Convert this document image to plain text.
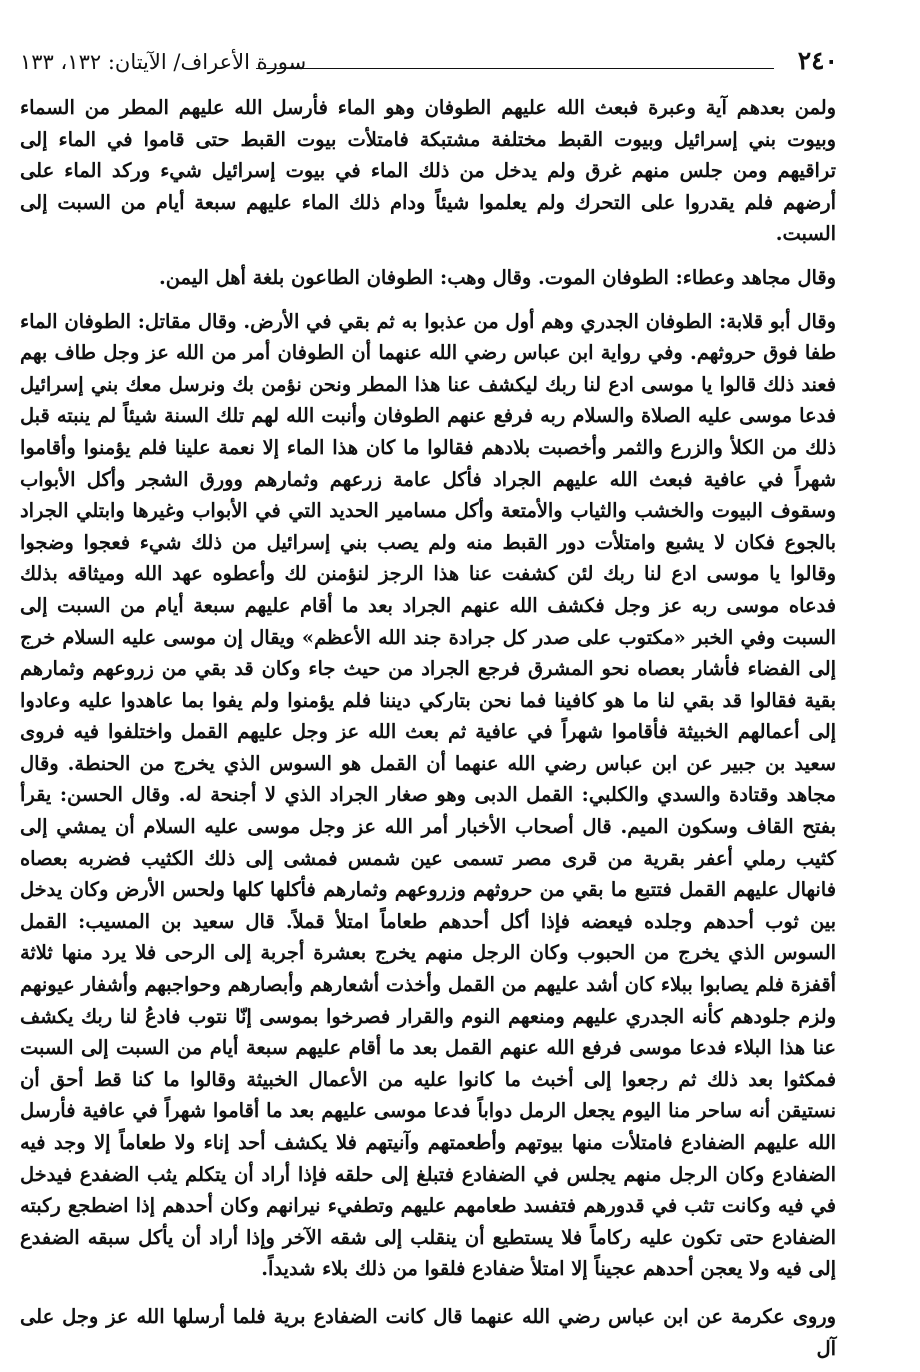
٢٤٠
سورة الأعراف/ الآيتان: ١٣٢، ١٣٣

ولمن بعدهم آية وعبرة فبعث الله عليهم الطوفان وهو الماء فأرسل الله عليهم المطر من السماء وبيوت بني إسرائيل وبيوت القبط مختلفة مشتبكة فامتلأت بيوت القبط حتى قاموا في الماء إلى تراقيهم ومن جلس منهم غرق ولم يدخل من ذلك الماء في بيوت إسرائيل شيء وركد الماء على أرضهم فلم يقدروا على التحرك ولم يعلموا شيئاً ودام ذلك الماء عليهم سبعة أيام من السبت إلى السبت.

وقال مجاهد وعطاء: الطوفان الموت. وقال وهب: الطوفان الطاعون بلغة أهل اليمن.

وقال أبو قلابة: الطوفان الجدري وهم أول من عذبوا به ثم بقي في الأرض. وقال مقاتل: الطوفان الماء طفا فوق حروثهم. وفي رواية ابن عباس رضي الله عنهما أن الطوفان أمر من الله عز وجل طاف بهم فعند ذلك قالوا يا موسى ادع لنا ربك ليكشف عنا هذا المطر ونحن نؤمن بك ونرسل معك بني إسرائيل فدعا موسى عليه الصلاة والسلام ربه فرفع عنهم الطوفان وأنبت الله لهم تلك السنة شيئاً لم ينبته قبل ذلك من الكلأ والزرع والثمر وأخصبت بلادهم فقالوا ما كان هذا الماء إلا نعمة علينا فلم يؤمنوا وأقاموا شهراً في عافية فبعث الله عليهم الجراد فأكل عامة زرعهم وثمارهم وورق الشجر وأكل الأبواب وسقوف البيوت والخشب والثياب والأمتعة وأكل مسامير الحديد التي في الأبواب وغيرها وابتلي الجراد بالجوع فكان لا يشبع وامتلأت دور القبط منه ولم يصب بني إسرائيل من ذلك شيء فعجوا وضجوا وقالوا يا موسى ادع لنا ربك لئن كشفت عنا هذا الرجز لنؤمنن لك وأعطوه عهد الله وميثاقه بذلك فدعاه موسى ربه عز وجل فكشف الله عنهم الجراد بعد ما أقام عليهم سبعة أيام من السبت إلى السبت وفي الخبر «مكتوب على صدر كل جرادة جند الله الأعظم» ويقال إن موسى عليه السلام خرج إلى الفضاء فأشار بعصاه نحو المشرق فرجع الجراد من حيث جاء وكان قد بقي من زروعهم وثمارهم بقية فقالوا قد بقي لنا ما هو كافينا فما نحن بتاركي ديننا فلم يؤمنوا ولم يفوا بما عاهدوا عليه وعادوا إلى أعمالهم الخبيثة فأقاموا شهراً في عافية ثم بعث الله عز وجل عليهم القمل واختلفوا فيه فروى سعيد بن جبير عن ابن عباس رضي الله عنهما أن القمل هو السوس الذي يخرج من الحنطة. وقال مجاهد وقتادة والسدي والكلبي: القمل الدبى وهو صغار الجراد الذي لا أجنحة له. وقال الحسن: يقرأ بفتح القاف وسكون الميم. قال أصحاب الأخبار أمر الله عز وجل موسى عليه السلام أن يمشي إلى كثيب رملي أعفر بقرية من قرى مصر تسمى عين شمس فمشى إلى ذلك الكثيب فضربه بعصاه فانهال عليهم القمل فتتبع ما بقي من حروثهم وزروعهم وثمارهم فأكلها كلها ولحس الأرض وكان يدخل بين ثوب أحدهم وجلده فيعضه فإذا أكل أحدهم طعاماً امتلأ قملاً. قال سعيد بن المسيب: القمل السوس الذي يخرج من الحبوب وكان الرجل منهم يخرج بعشرة أجربة إلى الرحى فلا يرد منها ثلاثة أقفزة فلم يصابوا ببلاء كان أشد عليهم من القمل وأخذت أشعارهم وأبصارهم وحواجبهم وأشفار عيونهم ولزم جلودهم كأنه الجدري عليهم ومنعهم النوم والقرار فصرخوا بموسى إنّا نتوب فادعُ لنا ربك يكشف عنا هذا البلاء فدعا موسى فرفع الله عنهم القمل بعد ما أقام عليهم سبعة أيام من السبت إلى السبت فمكثوا بعد ذلك ثم رجعوا إلى أخبث ما كانوا عليه من الأعمال الخبيثة وقالوا ما كنا قط أحق أن نستيقن أنه ساحر منا اليوم يجعل الرمل دواباً فدعا موسى عليهم بعد ما أقاموا شهراً في عافية فأرسل الله عليهم الضفادع فامتلأت منها بيوتهم وأطعمتهم وآنيتهم فلا يكشف أحد إناء ولا طعاماً إلا وجد فيه الضفادع وكان الرجل منهم يجلس في الضفادع فتبلغ إلى حلقه فإذا أراد أن يتكلم يثب الضفدع فيدخل في فيه وكانت تثب في قدورهم فتفسد طعامهم عليهم وتطفيء نيرانهم وكان أحدهم إذا اضطجع ركبته الضفادع حتى تكون عليه ركاماً فلا يستطيع أن ينقلب إلى شقه الآخر وإذا أراد أن يأكل سبقه الضفدع إلى فيه ولا يعجن أحدهم عجيناً إلا امتلأ ضفادع فلقوا من ذلك بلاء شديداً.

وروى عكرمة عن ابن عباس رضي الله عنهما قال كانت الضفادع برية فلما أرسلها الله عز وجل على آل
